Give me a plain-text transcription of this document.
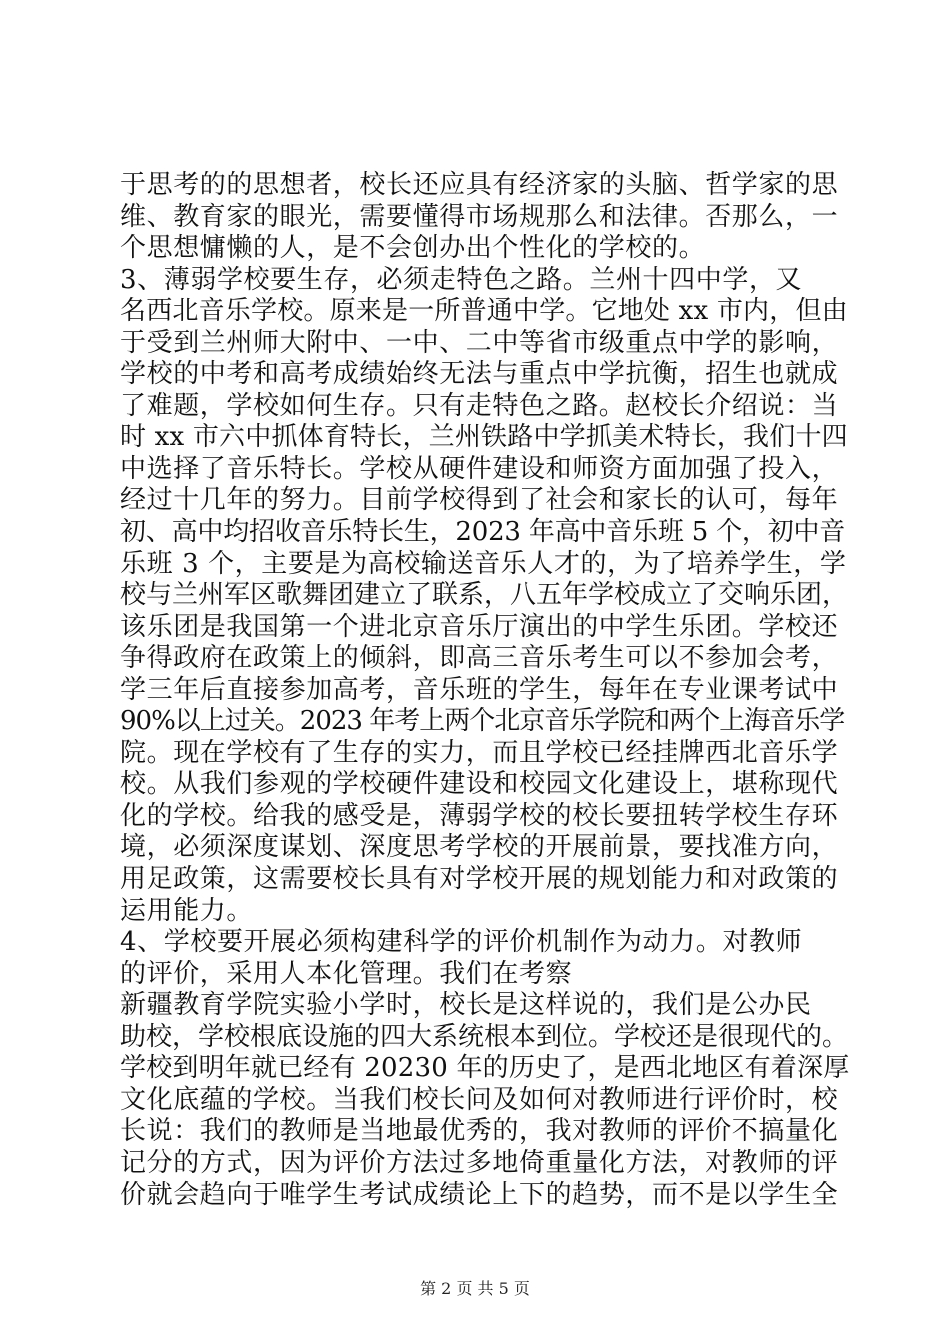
于思考的的思想者，校长还应具有经济家的头脑、哲学家的思
维、教育家的眼光，需要懂得市场规那么和法律。否那么，一
个思想慵懒的人，是不会创办出个性化的学校的。
3、薄弱学校要生存，必须走特色之路。兰州十四中学，又
名西北音乐学校。原来是一所普通中学。它地处 xx 市内，但由
于受到兰州师大附中、一中、二中等省市级重点中学的影响，
学校的中考和高考成绩始终无法与重点中学抗衡，招生也就成
了难题，学校如何生存。只有走特色之路。赵校长介绍说：当
时 xx 市六中抓体育特长，兰州铁路中学抓美术特长，我们十四
中选择了音乐特长。学校从硬件建设和师资方面加强了投入，
经过十几年的努力。目前学校得到了社会和家长的认可，每年
初、高中均招收音乐特长生，2023 年高中音乐班 5 个，初中音
乐班 3 个，主要是为高校输送音乐人才的，为了培养学生，学
校与兰州军区歌舞团建立了联系，八五年学校成立了交响乐团，
该乐团是我国第一个进北京音乐厅演出的中学生乐团。学校还
争得政府在政策上的倾斜，即高三音乐考生可以不参加会考，
学三年后直接参加高考，音乐班的学生，每年在专业课考试中
90%以上过关。2023 年考上两个北京音乐学院和两个上海音乐学
院。现在学校有了生存的实力，而且学校已经挂牌西北音乐学
校。从我们参观的学校硬件建设和校园文化建设上，堪称现代
化的学校。给我的感受是，薄弱学校的校长要扭转学校生存环
境，必须深度谋划、深度思考学校的开展前景，要找准方向，
用足政策，这需要校长具有对学校开展的规划能力和对政策的
运用能力。
4、学校要开展必须构建科学的评价机制作为动力。对教师
的评价，采用人本化管理。我们在考察
新疆教育学院实验小学时，校长是这样说的，我们是公办民
助校，学校根底设施的四大系统根本到位。学校还是很现代的。
学校到明年就已经有 20230 年的历史了，是西北地区有着深厚
文化底蕴的学校。当我们校长问及如何对教师进行评价时，校
长说：我们的教师是当地最优秀的，我对教师的评价不搞量化
记分的方式，因为评价方法过多地倚重量化方法，对教师的评
价就会趋向于唯学生考试成绩论上下的趋势，而不是以学生全
第 2 页 共 5 页
